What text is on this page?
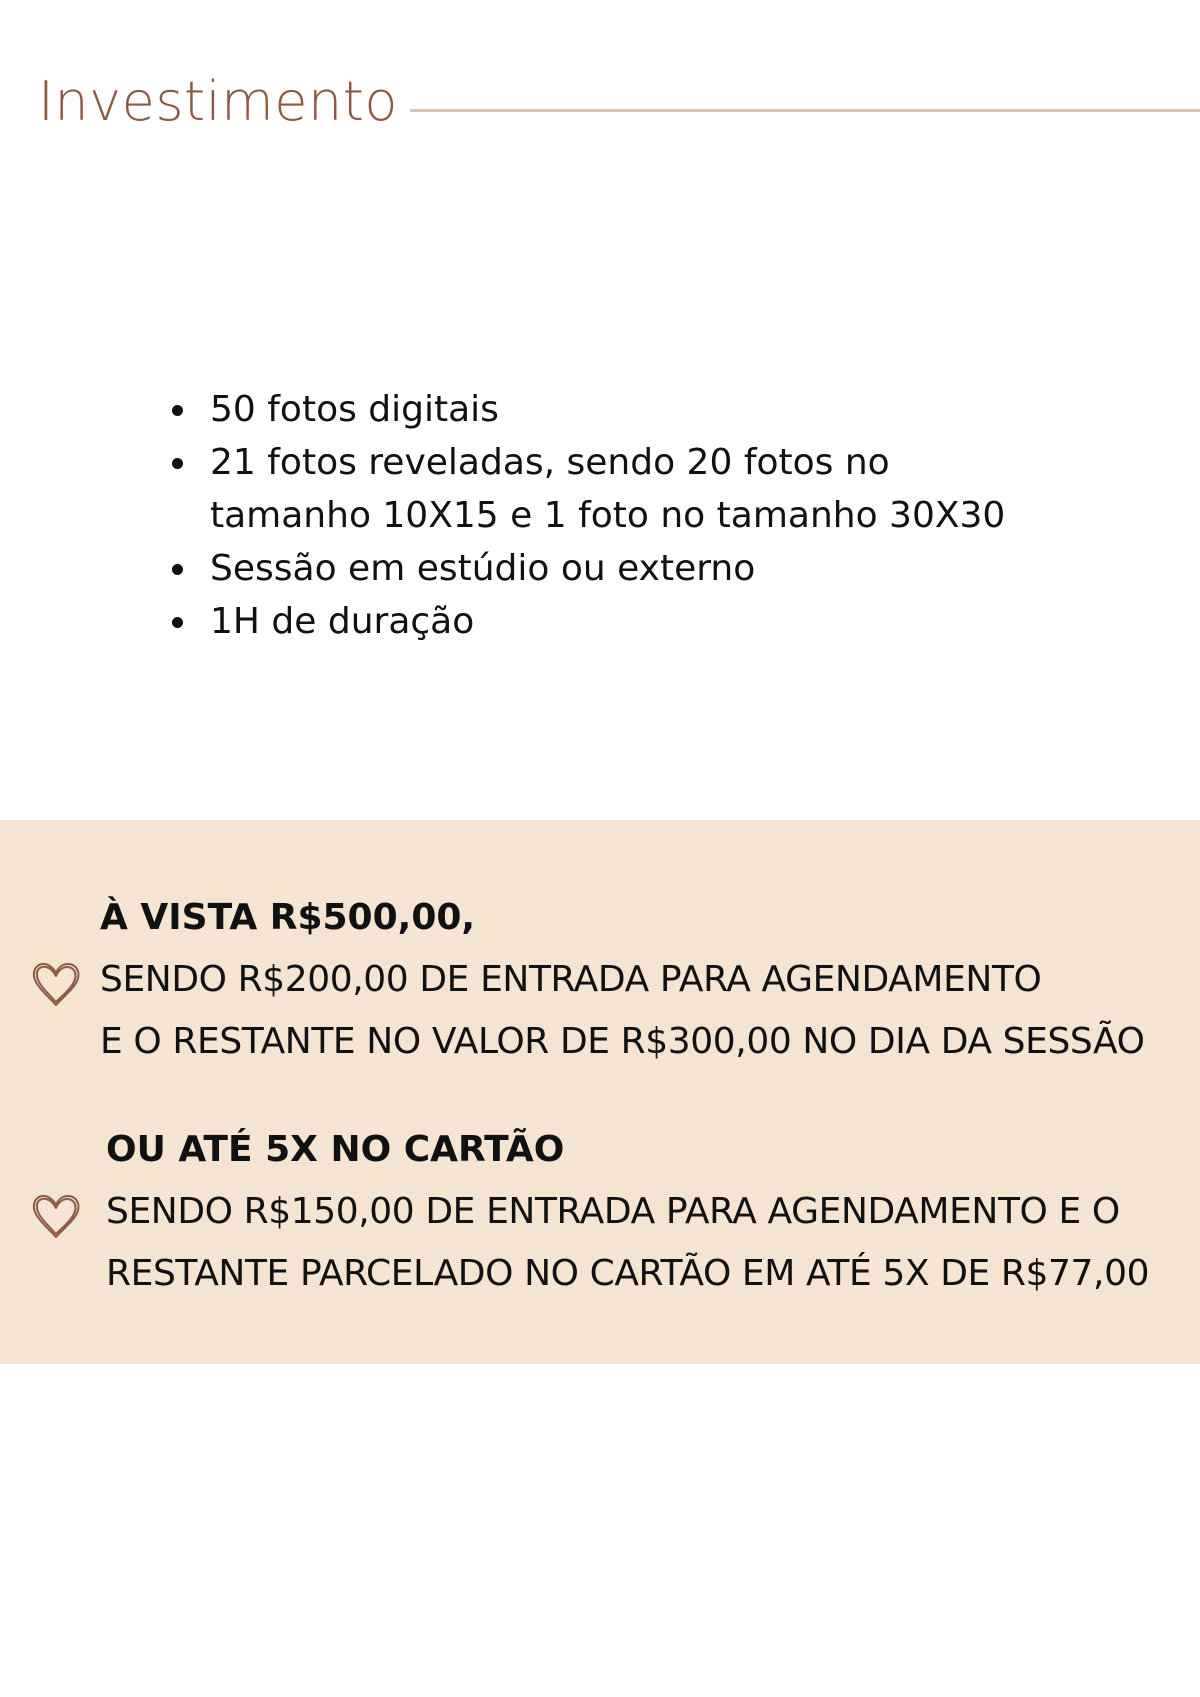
Investimento
50 fotos digitais
21 fotos reveladas, sendo 20 fotos no tamanho 10X15 e 1 foto no tamanho 30X30
Sessão em estúdio ou externo
1H de duração
À VISTA R$500,00,

SENDO R$200,00 DE ENTRADA PARA AGENDAMENTO

E O RESTANTE NO VALOR DE R$300,00 NO DIA DA SESSÃO

OU ATÉ 5X NO CARTÃO

SENDO R$150,00 DE ENTRADA PARA AGENDAMENTO E O

RESTANTE PARCELADO NO CARTÃO EM ATÉ 5X DE R$77,00
